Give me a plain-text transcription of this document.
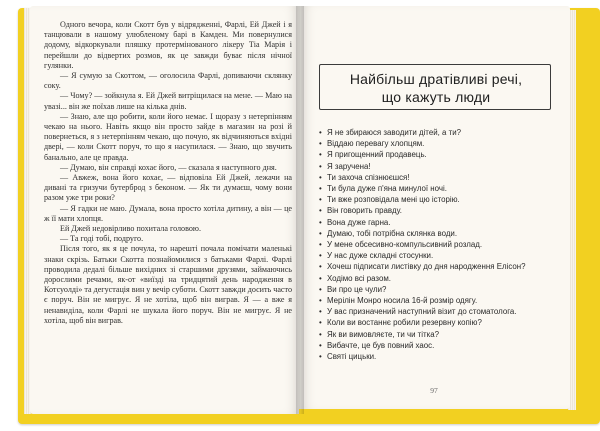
Одного вечора, коли Скотт був у відрядженні, Фарлі, Ей Джей і я танцювали в нашому улюбленому барі в Камден. Ми повернулися додому, відкоркували пляшку протермінованого лікеру Тіа Марія і перейшли до відвертих розмов, як це завжди буває після нічної гулянки.

— Я сумую за Скоттом, — оголосила Фарлі, допиваючи склянку соку.

— Чому? — зойкнула я. Ей Джей витріщилася на мене. — Маю на увазі... він же поїхав лише на кілька днів.

— Знаю, але що робити, коли його немає. І щоразу з нетерпінням чекаю на нього. Навіть якщо він просто зайде в магазин на розі й повернеться, я з нетерпінням чекаю, що почую, як відчиняються вхідні двері, — коли Скотт поруч, то що я насупилася. — Знаю, що звучить банально, але це правда.

— Думаю, він справді кохає його, — сказала я наступного дня.

— Авжеж, вона його кохає, — відповіла Ей Джей, лежачи на дивані та гризучи бутерброд з беконом. — Як ти думаєш, чому вони разом уже три роки?

— Я гадки не маю. Думала, вона просто хотіла дитину, а він — це ж її мати хлопця.

Ей Джей недовірливо похитала головою.

— Та годі тобі, подруго.

Після того, як я це почула, то нарешті почала помічати маленькі знаки скрізь. Батьки Скотта познайомилися з батьками Фарлі. Фарлі проводила дедалі більше вихідних зі старшими друзями, займаючись дорослими речами, як-от «виїзді на тридцятий день народження в Котсуолді» та дегустація вин у вечір суботи. Скотт завжди досить часто є поруч. Він не мигрує. Я не хотіла, щоб він виграв. Я — а вже я ненавиділа, коли Фарлі не шукала його поруч. Він не мигрує. Я не хотіла, щоб він виграв.

Найбільш дратівливі речі,
що кажуть люди
• Я не збираюся заводити дітей, а ти?
• Віддаю перевагу хлопцям.
• Я пригощенний продавець.
• Я заручена!
• Ти захоча спізнюєшся!
• Ти була дуже п'яна минулої ночі.
• Ти вже розповідала мені цю історію.
• Він говорить правду.
• Вона дуже гарна.
• Думаю, тобі потрібна склянка води.
• У мене обсесивно-компульсивний розлад.
• У нас дуже складні стосунки.
• Хочеш підписати листівку до дня народження Елісон?
• Ходімо всі разом.
• Ви про це чули?
• Мерілін Монро носила 16-й розмір одягу.
• У вас призначений наступний візит до стоматолога.
• Коли ви востаннє робили резервну копію?
• Як ви вимовляєте, ти чи тітка?
• Вибачте, це був повний хаос.
• Святі цицьки.
97
